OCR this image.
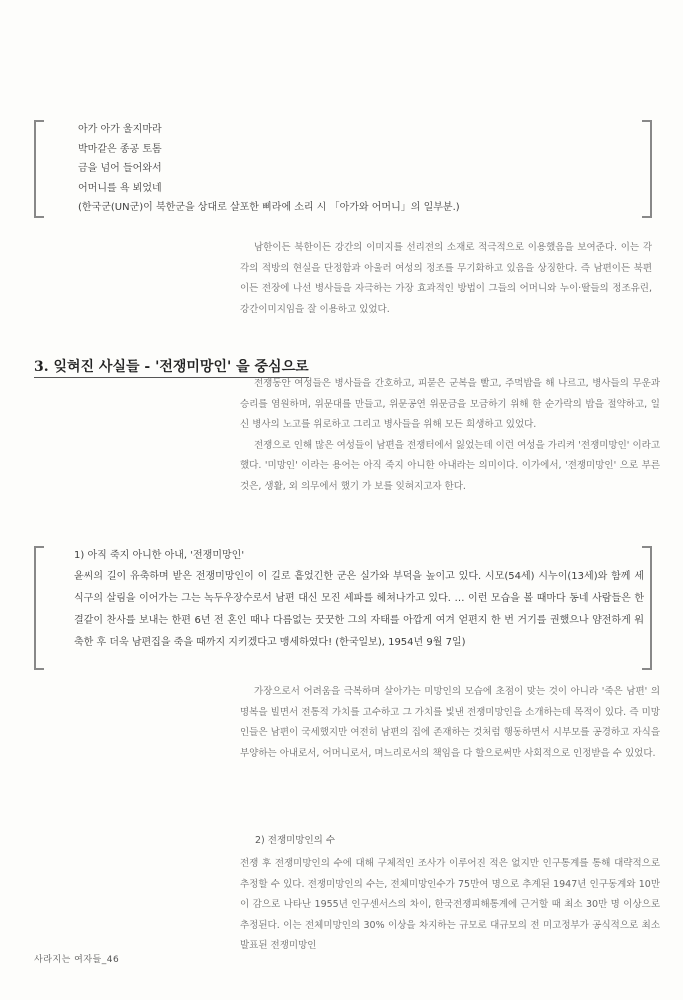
아가 아가 울지마라
박마같은 종공 토톰
금을 넘어 들어와서
어머니를 욕 뵈었네
(한국군(UN군)이 북한군을 상대로 살포한 삐라에 소리 시 「아가와 어머니」의 일부분.)

남한이든 북한이든 강간의 이미지를 선리전의 소재로 적극적으로 이용했음을 보여준다. 이는 각각의 적방의 현실을 단정함과 아울러 여성의 정조를 무기화하고 있음을 상징한다. 즉 남편이든 북편이든 전장에 나선 병사들을 자극하는 가장 효과적인 방법이 그들의 어머니와 누이·딸들의 정조유린, 강간이미지임을 잘 이용하고 있었다.

3. 잊혀진 사실들 - '전쟁미망인' 을 중심으로

전쟁동안 여성들은 병사들을 간호하고, 피묻은 군복을 빨고, 주먹밥을 해 나르고, 병사들의 무운과 승리를 염원하며, 위문대를 만들고, 위문공연 위문금을 모금하기 위해 한 순가락의 밥을 절약하고, 일신 병사의 노고를 위로하고 그리고 병사들을 위해 모든 희생하고 있었다.

전쟁으로 인해 많은 여성들이 남편을 전쟁터에서 잃었는데 이런 여성을 가리켜 '전쟁미망인' 이라고 했다. '미망인' 이라는 용어는 아직 죽지 아니한 아내라는 의미이다. 이가에서, '전쟁미망인' 으로 부른 것은, 생활, 외 의무에서 했기 가 보를 잊혀지고자 한다.

1) 아직 죽지 아니한 아내, '전쟁미망인'
윤씨의 길이 유축하며 받은 전쟁미망인이 이 길로 흩었긴한 군은 실가와 부덕을 높이고 있다. 시모(54세) 시누이(13세)와 함께 세 식구의 살림을 이어가는 그는 녹두우장수로서 남편 대신 모진 세파를 헤쳐나가고 있다. … 이런 모습을 볼 때마다 동네 사람들은 한결같이 찬사를 보내는 한편 6년 전 혼인 때나 다름없는 꿋꿋한 그의 자태를 아깝게 여겨 얻편지 한 번 거기를 권했으나 얌전하게 워축한 후 더욱 남편집을 죽을 때까지 지키겠다고 맹세하였다! (한국일보), 1954년 9월 7일)

가장으로서 어려움을 극복하며 살아가는 미망인의 모습에 초점이 맞는 것이 아니라 '죽은 남편' 의 명복을 빌면서 전통적 가치를 고수하고 그 가치를 빛낸 전쟁미망인을 소개하는데 목적이 있다. 즉 미망인들은 남편이 국세했지만 여전히 남편의 집에 존재하는 것처럼 행동하면서 시부모를 공경하고 자식을 부양하는 아내로서, 어머니로서, 며느리로서의 책임을 다 할으로써만 사회적으로 인정받을 수 있었다.

2) 전쟁미망인의 수

전쟁 후 전쟁미망인의 수에 대해 구체적인 조사가 이루어진 적은 없지만 인구통계를 통해 대략적으로 추정할 수 있다. 전쟁미망인의 수는, 전체미망인수가 75만여 명으로 추계된 1947년 인구동계와 10만이 감으로 나타난 1955년 인구센서스의 차이, 한국전쟁피해통계에 근거할 때 최소 30만 명 이상으로 추정된다. 이는 전체미망인의 30% 이상을 차지하는 규모로 대규모의 전 미고정부가 공식적으로 최소 발표된 전쟁미망인

사라지는 여자들_46
